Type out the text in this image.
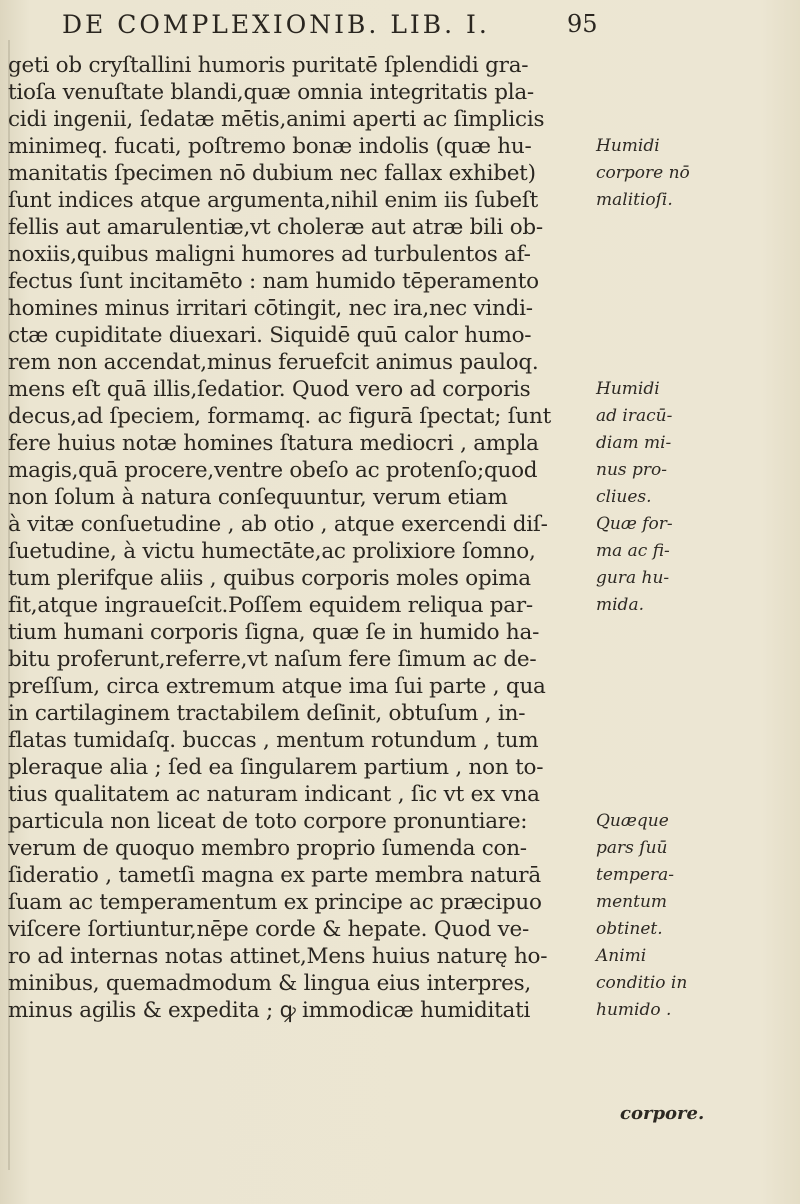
DE COMPLEXIONIB. LIB. I.	95
geti ob cryſtallini humoris puritatē ſplendidi gra-
tioſa venuſtate blandi,quæ omnia integritatis pla-
cidi ingenii, ſedatæ mētis,animi aperti ac ſimplicis
minimeq. fucati, poſtremo bonæ indolis (quæ hu-
manitatis ſpecimen nō dubium nec fallax exhibet)
ſunt indices atque argumenta,nihil enim iis ſubeſt
fellis aut amarulentiæ,vt choleræ aut atræ bili ob-
noxiis,quibus maligni humores ad turbulentos af-
fectus ſunt incitamēto : nam humido tēperamento
homines minus irritari cōtingit, nec ira,nec vindi-
ctæ cupiditate diuexari. Siquidē quū calor humo-
rem non accendat,minus feruefcit animus pauloq.
mens eſt quā illis,ſedatior. Quod vero ad corporis
decus,ad ſpeciem, formamq. ac figurā ſpectat; ſunt
fere huius notæ homines ſtatura mediocri , ampla
magis,quā procere,ventre obeſo ac protenſo;quod
non ſolum à natura conſequuntur, verum etiam
à vitæ conſuetudine , ab otio , atque exercendi diſ-
ſuetudine, à victu humectāte,ac prolixiore ſomno,
tum plerifque aliis , quibus corporis moles opima
fit,atque ingraueſcit.Poſſem equidem reliqua par-
tium humani corporis ſigna, quæ ſe in humido ha-
bitu proferunt,referre,vt naſum fere ſimum ac de-
preſſum, circa extremum atque ima ſui parte , qua
in cartilaginem tractabilem deſinit, obtuſum , in-
flatas tumidaſq. buccas , mentum rotundum , tum
pleraque alia ; ſed ea ſingularem partium , non to-
tius qualitatem ac naturam indicant , ſic vt ex vna
particula non liceat de toto corpore pronuntiare:
verum de quoquo membro proprio ſumenda con-
ſideratio , tametſi magna ex parte membra naturā
ſuam ac temperamentum ex principe ac præcipuo
viſcere ſortiuntur,nēpe corde & hepate. Quod ve-
ro ad internas notas attinet,Mens huius naturę ho-
minibus, quemadmodum & lingua eius interpres,
minus agilis & expedita ; ꝙ immodicæ humiditati
Humidi
corpore nō
malitioſi.
Humidi
ad iracū-
diam mi-
nus pro-
cliues.
Quæ for-
ma ac fi-
gura hu-
mida.
Quæque
pars ſuū
tempera-
mentum
obtinet.
Animi
conditio in
humido .
corpore.
